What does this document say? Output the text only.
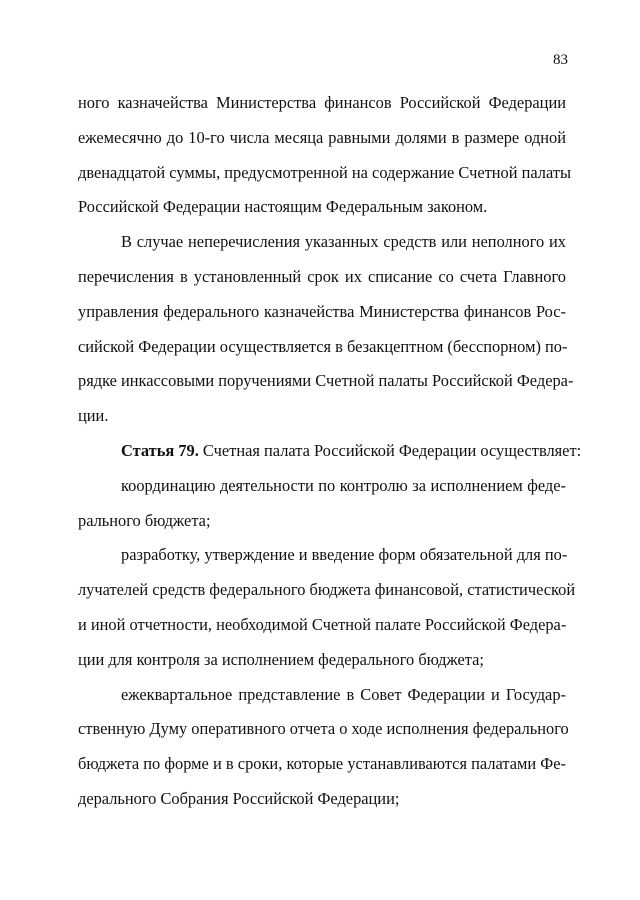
83
ного казначейства Министерства финансов Российской Федерации
ежемесячно до 10-го числа месяца равными долями в размере одной
двенадцатой суммы, предусмотренной на содержание Счетной палаты
Российской Федерации настоящим Федеральным законом.
В случае неперечисления указанных средств или неполного их
перечисления в установленный срок их списание со счета Главного
управления федерального казначейства Министерства финансов Рос-
сийской Федерации осуществляется в безакцептном (бесспорном) по-
рядке инкассовыми поручениями Счетной палаты Российской Федера-
ции.
Статья 79. Счетная палата Российской Федерации осуществляет:
координацию деятельности по контролю за исполнением феде-
рального бюджета;
разработку, утверждение и введение форм обязательной для по-
лучателей средств федерального бюджета финансовой, статистической
и иной отчетности, необходимой Счетной палате Российской Федера-
ции для контроля за исполнением федерального бюджета;
ежеквартальное представление в Совет Федерации и Государ-
ственную Думу оперативного отчета о ходе исполнения федерального
бюджета по форме и в сроки, которые устанавливаются палатами Фе-
дерального Собрания Российской Федерации;
